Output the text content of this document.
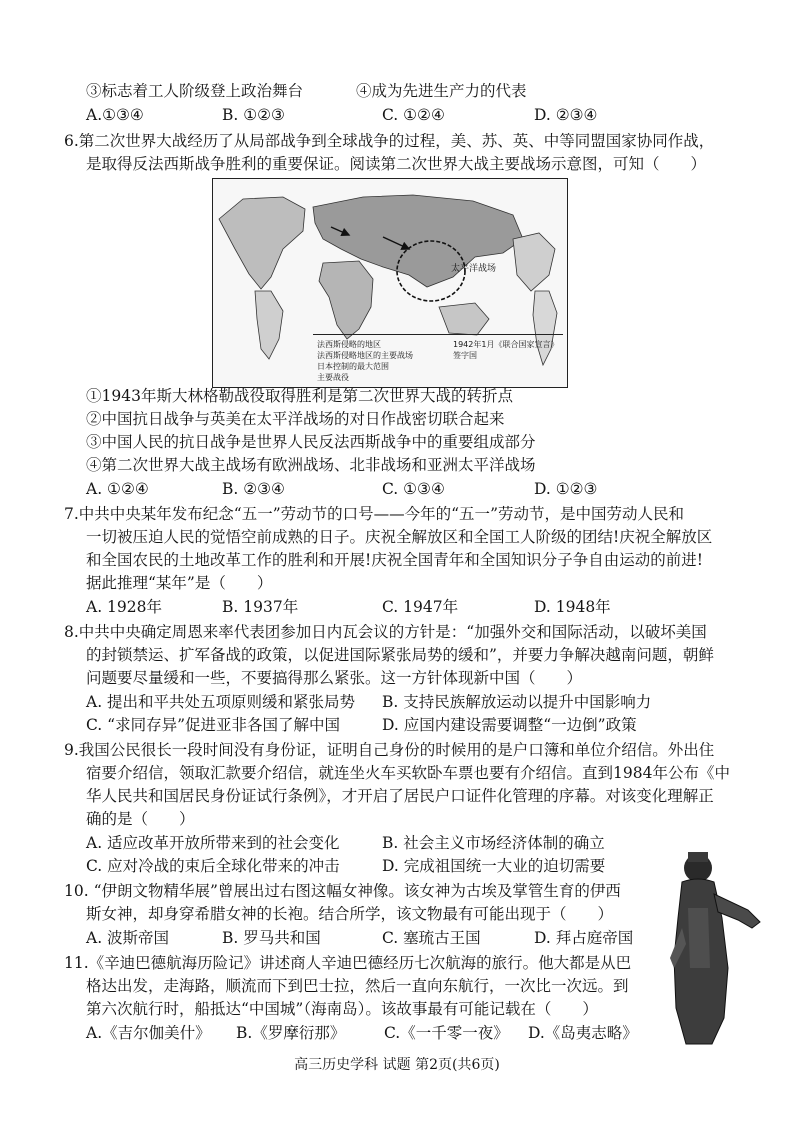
③标志着工人阶级登上政治舞台	④成为先进生产力的代表
A.①③④	B. ①②③	C. ①②④	D. ②③④
6.第二次世界大战经历了从局部战争到全球战争的过程，美、苏、英、中等同盟国家协同作战，
是取得反法西斯战争胜利的重要保证。阅读第二次世界大战主要战场示意图，可知（　　）
太平洋战场
法西斯侵略的地区
法西斯侵略地区的主要战场
日本控制的最大范围
主要战役
1942年1月《联合国家宣言》签字国
①1943年斯大林格勒战役取得胜利是第二次世界大战的转折点
②中国抗日战争与英美在太平洋战场的对日作战密切联合起来
③中国人民的抗日战争是世界人民反法西斯战争中的重要组成部分
④第二次世界大战主战场有欧洲战场、北非战场和亚洲太平洋战场
A. ①②④	B. ②③④	C. ①③④	D. ①②③
7.中共中央某年发布纪念“五一”劳动节的口号——今年的“五一”劳动节，是中国劳动人民和
一切被压迫人民的觉悟空前成熟的日子。庆祝全解放区和全国工人阶级的团结!庆祝全解放区
和全国农民的土地改革工作的胜利和开展!庆祝全国青年和全国知识分子争自由运动的前进!
据此推理“某年”是（　　）
A. 1928年	B. 1937年	C. 1947年	D. 1948年
8.中共中央确定周恩来率代表团参加日内瓦会议的方针是：“加强外交和国际活动，以破坏美国
的封锁禁运、扩军备战的政策，以促进国际紧张局势的缓和”，并要力争解决越南问题，朝鲜
问题要尽量缓和一些，不要搞得那么紧张。这一方针体现新中国（　　）
A. 提出和平共处五项原则缓和紧张局势 B. 支持民族解放运动以提升中国影响力
C. “求同存异”促进亚非各国了解中国	D. 应国内建设需要调整“一边倒”政策
9.我国公民很长一段时间没有身份证，证明自己身份的时候用的是户口簿和单位介绍信。外出住
宿要介绍信，领取汇款要介绍信，就连坐火车买软卧车票也要有介绍信。直到1984年公布《中
华人民共和国居民身份证试行条例》，才开启了居民户口证件化管理的序幕。对该变化理解正
确的是（　　）
A. 适应改革开放所带来到的社会变化	B. 社会主义市场经济体制的确立
C. 应对冷战的束后全球化带来的冲击	D. 完成祖国统一大业的迫切需要
10. “伊朗文物精华展”曾展出过右图这幅女神像。该女神为古埃及掌管生育的伊西
斯女神，却身穿希腊女神的长袍。结合所学，该文物最有可能出现于（　　）
A. 波斯帝国	B. 罗马共和国	C. 塞琉古王国	D. 拜占庭帝国
11.《辛迪巴德航海历险记》讲述商人辛迪巴德经历七次航海的旅行。他大都是从巴
格达出发，走海路，顺流而下到巴士拉，然后一直向东航行，一次比一次远。到
第六次航行时，船抵达“中国城”（海南岛）。该故事最有可能记载在（　　）
A.《吉尔伽美什》 B.《罗摩衍那》 C.《一千零一夜》 D.《岛夷志略》
高三历史学科 试题 第2页(共6页)
